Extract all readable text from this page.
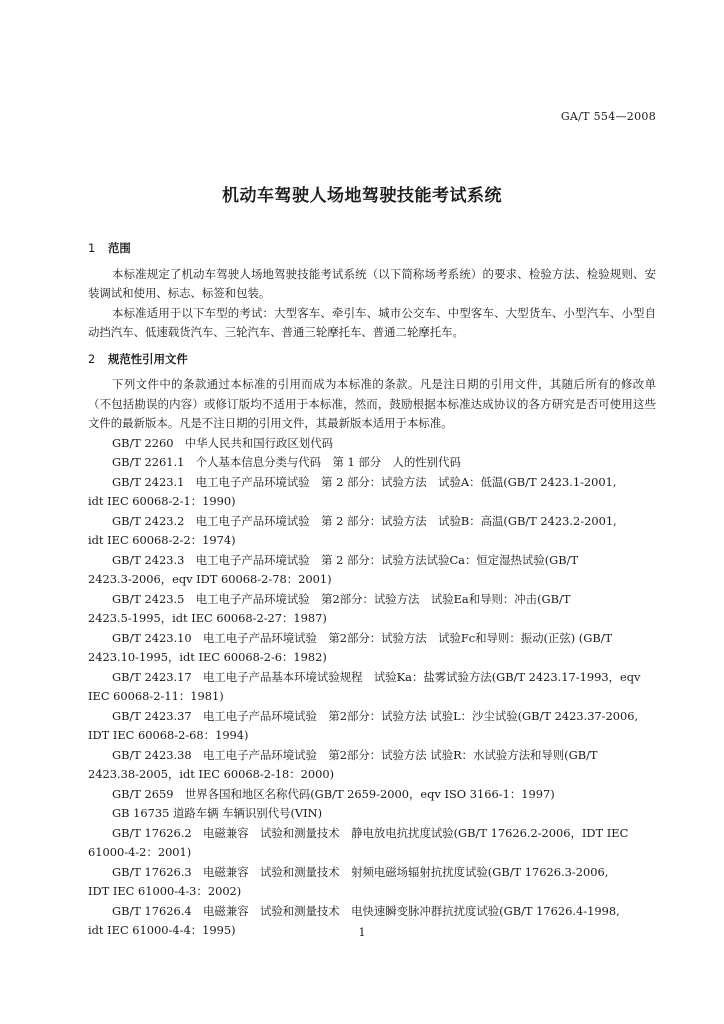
GA/T 554—2008
机动车驾驶人场地驾驶技能考试系统
1 范围

本标准规定了机动车驾驶人场地驾驶技能考试系统（以下简称场考系统）的要求、检验方法、检验规则、安装调试和使用、标志、标签和包装。

本标准适用于以下车型的考试：大型客车、牵引车、城市公交车、中型客车、大型货车、小型汽车、小型自动挡汽车、低速载货汽车、三轮汽车、普通三轮摩托车、普通二轮摩托车。

2 规范性引用文件

下列文件中的条款通过本标准的引用而成为本标准的条款。凡是注日期的引用文件，其随后所有的修改单（不包括勘误的内容）或修订版均不适用于本标准，然而，鼓励根据本标准达成协议的各方研究是否可使用这些文件的最新版本。凡是不注日期的引用文件，其最新版本适用于本标准。

GB/T 2260　中华人民共和国行政区划代码

GB/T 2261.1　个人基本信息分类与代码　第 1 部分　人的性别代码

GB/T 2423.1　电工电子产品环境试验　第 2 部分：试验方法　试验A：低温(GB/T 2423.1-2001,
idt IEC 60068-2-1：1990)

GB/T 2423.2　电工电子产品环境试验　第 2 部分：试验方法　试验B：高温(GB/T 2423.2-2001,
idt IEC 60068-2-2：1974)

GB/T 2423.3　电工电子产品环境试验　第 2 部分：试验方法试验Ca：恒定湿热试验(GB/T
2423.3-2006，eqv IDT 60068-2-78：2001)

GB/T 2423.5　电工电子产品环境试验　第2部分：试验方法　试验Ea和导则：冲击(GB/T
2423.5-1995，idt IEC 60068-2-27：1987)

GB/T 2423.10　电工电子产品环境试验　第2部分：试验方法　试验Fc和导则：振动(正弦) (GB/T
2423.10-1995，idt IEC 60068-2-6：1982)

GB/T 2423.17　电工电子产品基本环境试验规程　试验Ka：盐雾试验方法(GB/T 2423.17-1993，eqv
IEC 60068-2-11：1981)

GB/T 2423.37　电工电子产品环境试验　第2部分：试验方法 试验L：沙尘试验(GB/T 2423.37-2006,
IDT IEC 60068-2-68：1994)

GB/T 2423.38　电工电子产品环境试验　第2部分：试验方法 试验R：水试验方法和导则(GB/T
2423.38-2005，idt IEC 60068-2-18：2000)

GB/T 2659　世界各国和地区名称代码(GB/T 2659-2000，eqv ISO 3166-1：1997)

GB 16735 道路车辆 车辆识别代号(VIN)

GB/T 17626.2　电磁兼容　试验和测量技术　静电放电抗扰度试验(GB/T 17626.2-2006，IDT IEC
61000-4-2：2001)

GB/T 17626.3　电磁兼容　试验和测量技术　射频电磁场辐射抗扰度试验(GB/T 17626.3-2006,
IDT IEC 61000-4-3：2002)

GB/T 17626.4　电磁兼容　试验和测量技术　电快速瞬变脉冲群抗扰度试验(GB/T 17626.4-1998,
idt IEC 61000-4-4：1995)	1
